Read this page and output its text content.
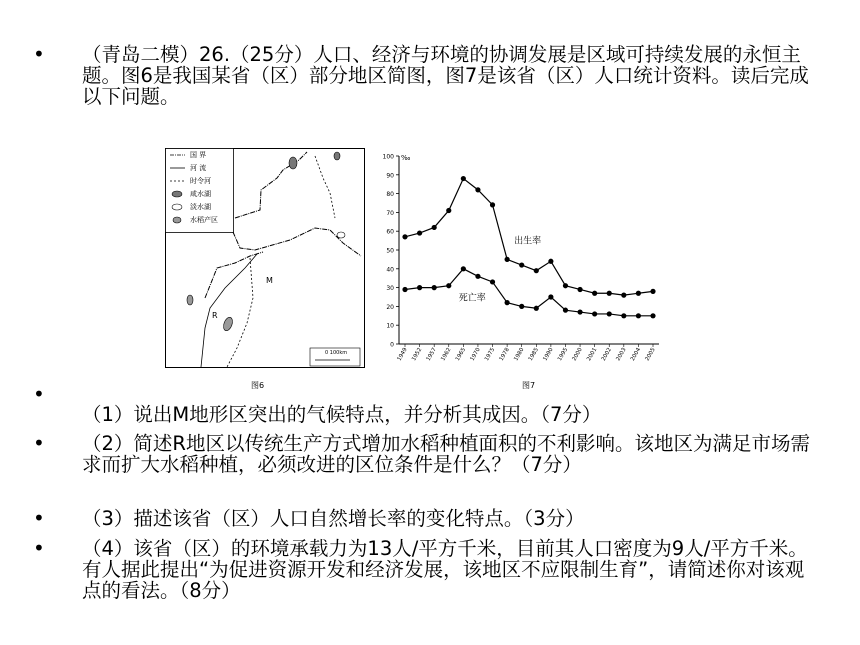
• （青岛二模）26.（25分）人口、经济与环境的协调发展是区域可持续发展的永恒主题。图6是我国某省（区）部分地区简图，图7是该省（区）人口统计资料。读后完成以下问题。
国 界
河 流
时令河
咸水湖
淡水湖
水稻产区
M
R
0 100km
图6
‰
0
10
20
30
40
50
60
70
80
90
100
1949 1952 1957 1962 1965 1970 1975 1978 1980 1985 1990 1995 2000 2001 2002 2003 2004 2005
出生率
死亡率
图7
•
（1）说出M地形区突出的气候特点，并分析其成因。（7分）
• （2）简述R地区以传统生产方式增加水稻种植面积的不利影响。该地区为满足市场需求而扩大水稻种植，必须改进的区位条件是什么？（7分）
• （3）描述该省（区）人口自然增长率的变化特点。（3分）
• （4）该省（区）的环境承载力为13人/平方千米，目前其人口密度为9人/平方千米。有人据此提出“为促进资源开发和经济发展，该地区不应限制生育”，请简述你对该观点的看法。（8分）
